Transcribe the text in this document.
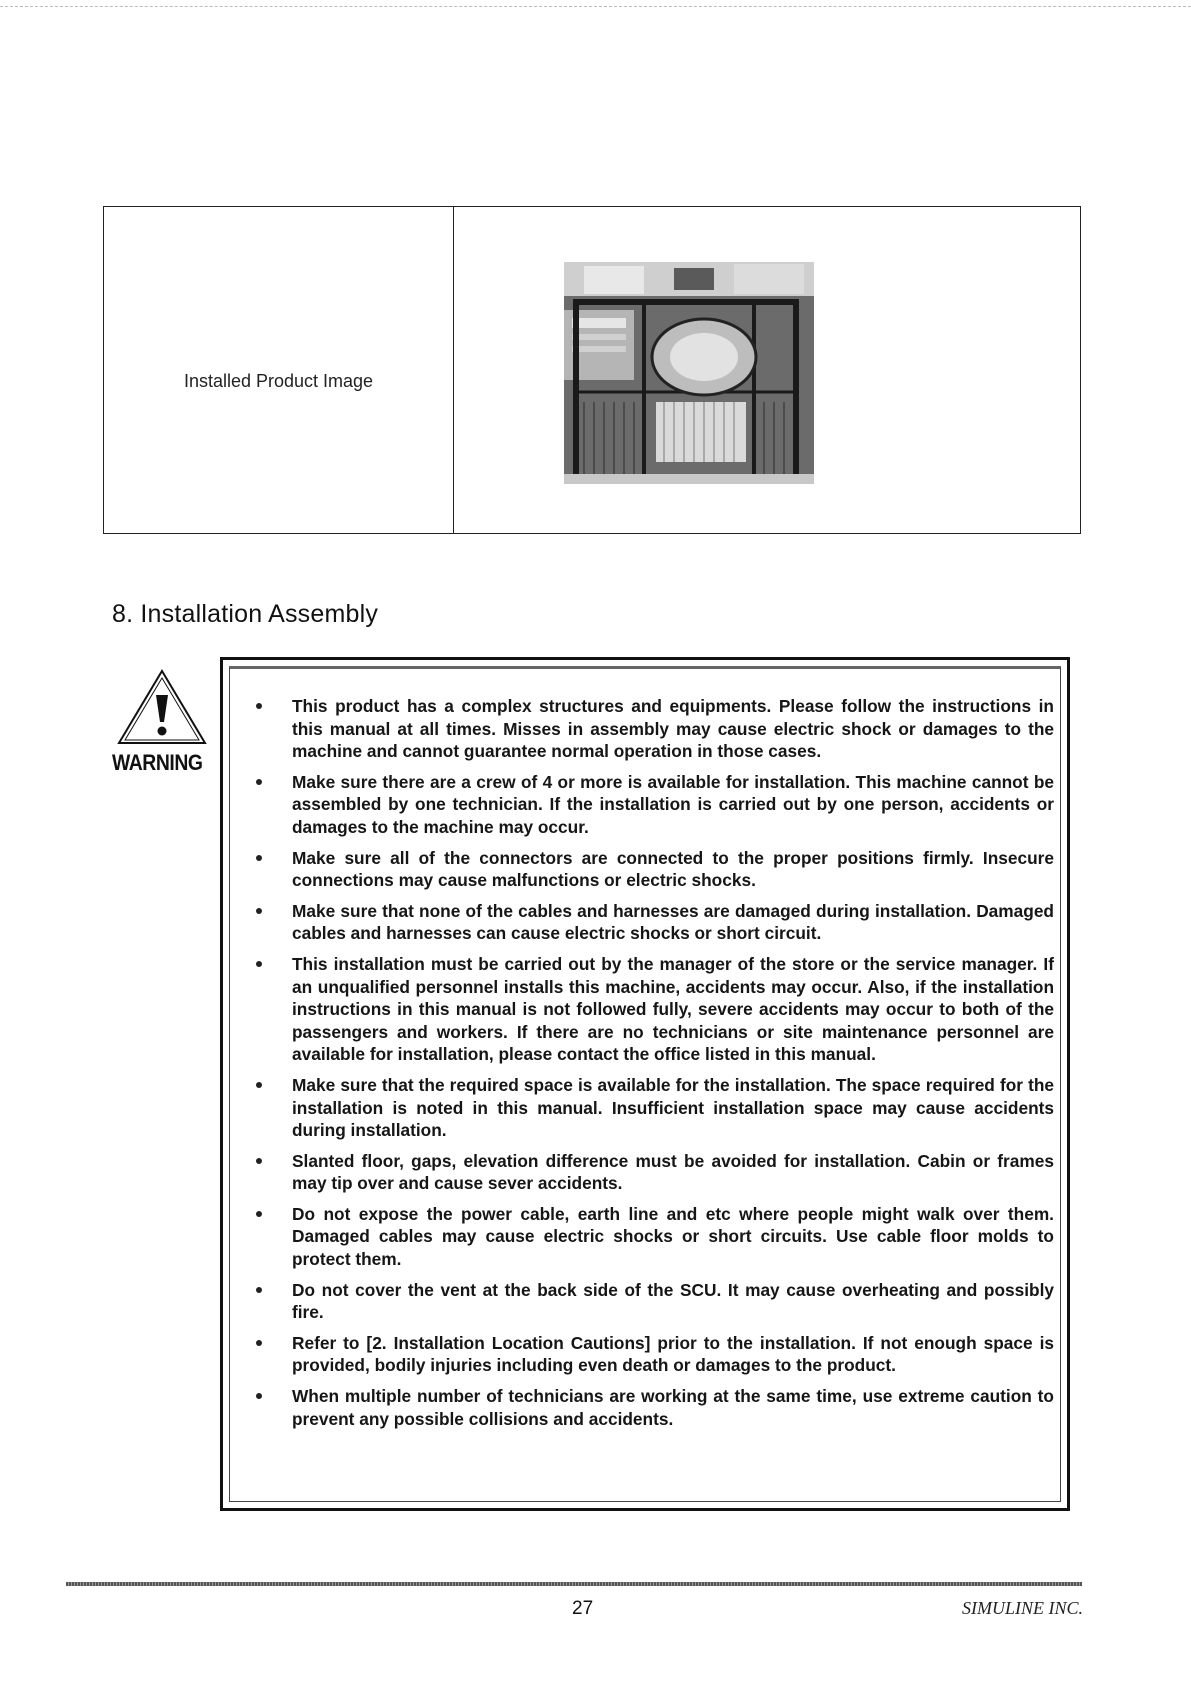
Installed Product Image
8. Installation Assembly
WARNING
This product has a complex structures and equipments. Please follow the instructions in this manual at all times. Misses in assembly may cause electric shock or damages to the machine and cannot guarantee normal operation in those cases.
Make sure there are a crew of 4 or more is available for installation. This machine cannot be assembled by one technician. If the installation is carried out by one person, accidents or damages to the machine may occur.
Make sure all of the connectors are connected to the proper positions firmly. Insecure connections may cause malfunctions or electric shocks.
Make sure that none of the cables and harnesses are damaged during installation. Damaged cables and harnesses can cause electric shocks or short circuit.
This installation must be carried out by the manager of the store or the service manager. If an unqualified personnel installs this machine, accidents may occur. Also, if the installation instructions in this manual is not followed fully, severe accidents may occur to both of the passengers and workers. If there are no technicians or site maintenance personnel are available for installation, please contact the office listed in this manual.
Make sure that the required space is available for the installation. The space required for the installation is noted in this manual. Insufficient installation space may cause accidents during installation.
Slanted floor, gaps, elevation difference must be avoided for installation. Cabin or frames may tip over and cause sever accidents.
Do not expose the power cable, earth line and etc where people might walk over them. Damaged cables may cause electric shocks or short circuits. Use cable floor molds to protect them.
Do not cover the vent at the back side of the SCU. It may cause overheating and possibly fire.
Refer to [2. Installation Location Cautions] prior to the installation. If not enough space is provided, bodily injuries including even death or damages to the product.
When multiple number of technicians are working at the same time, use extreme caution to prevent any possible collisions and accidents.
27	SIMULINE INC.
